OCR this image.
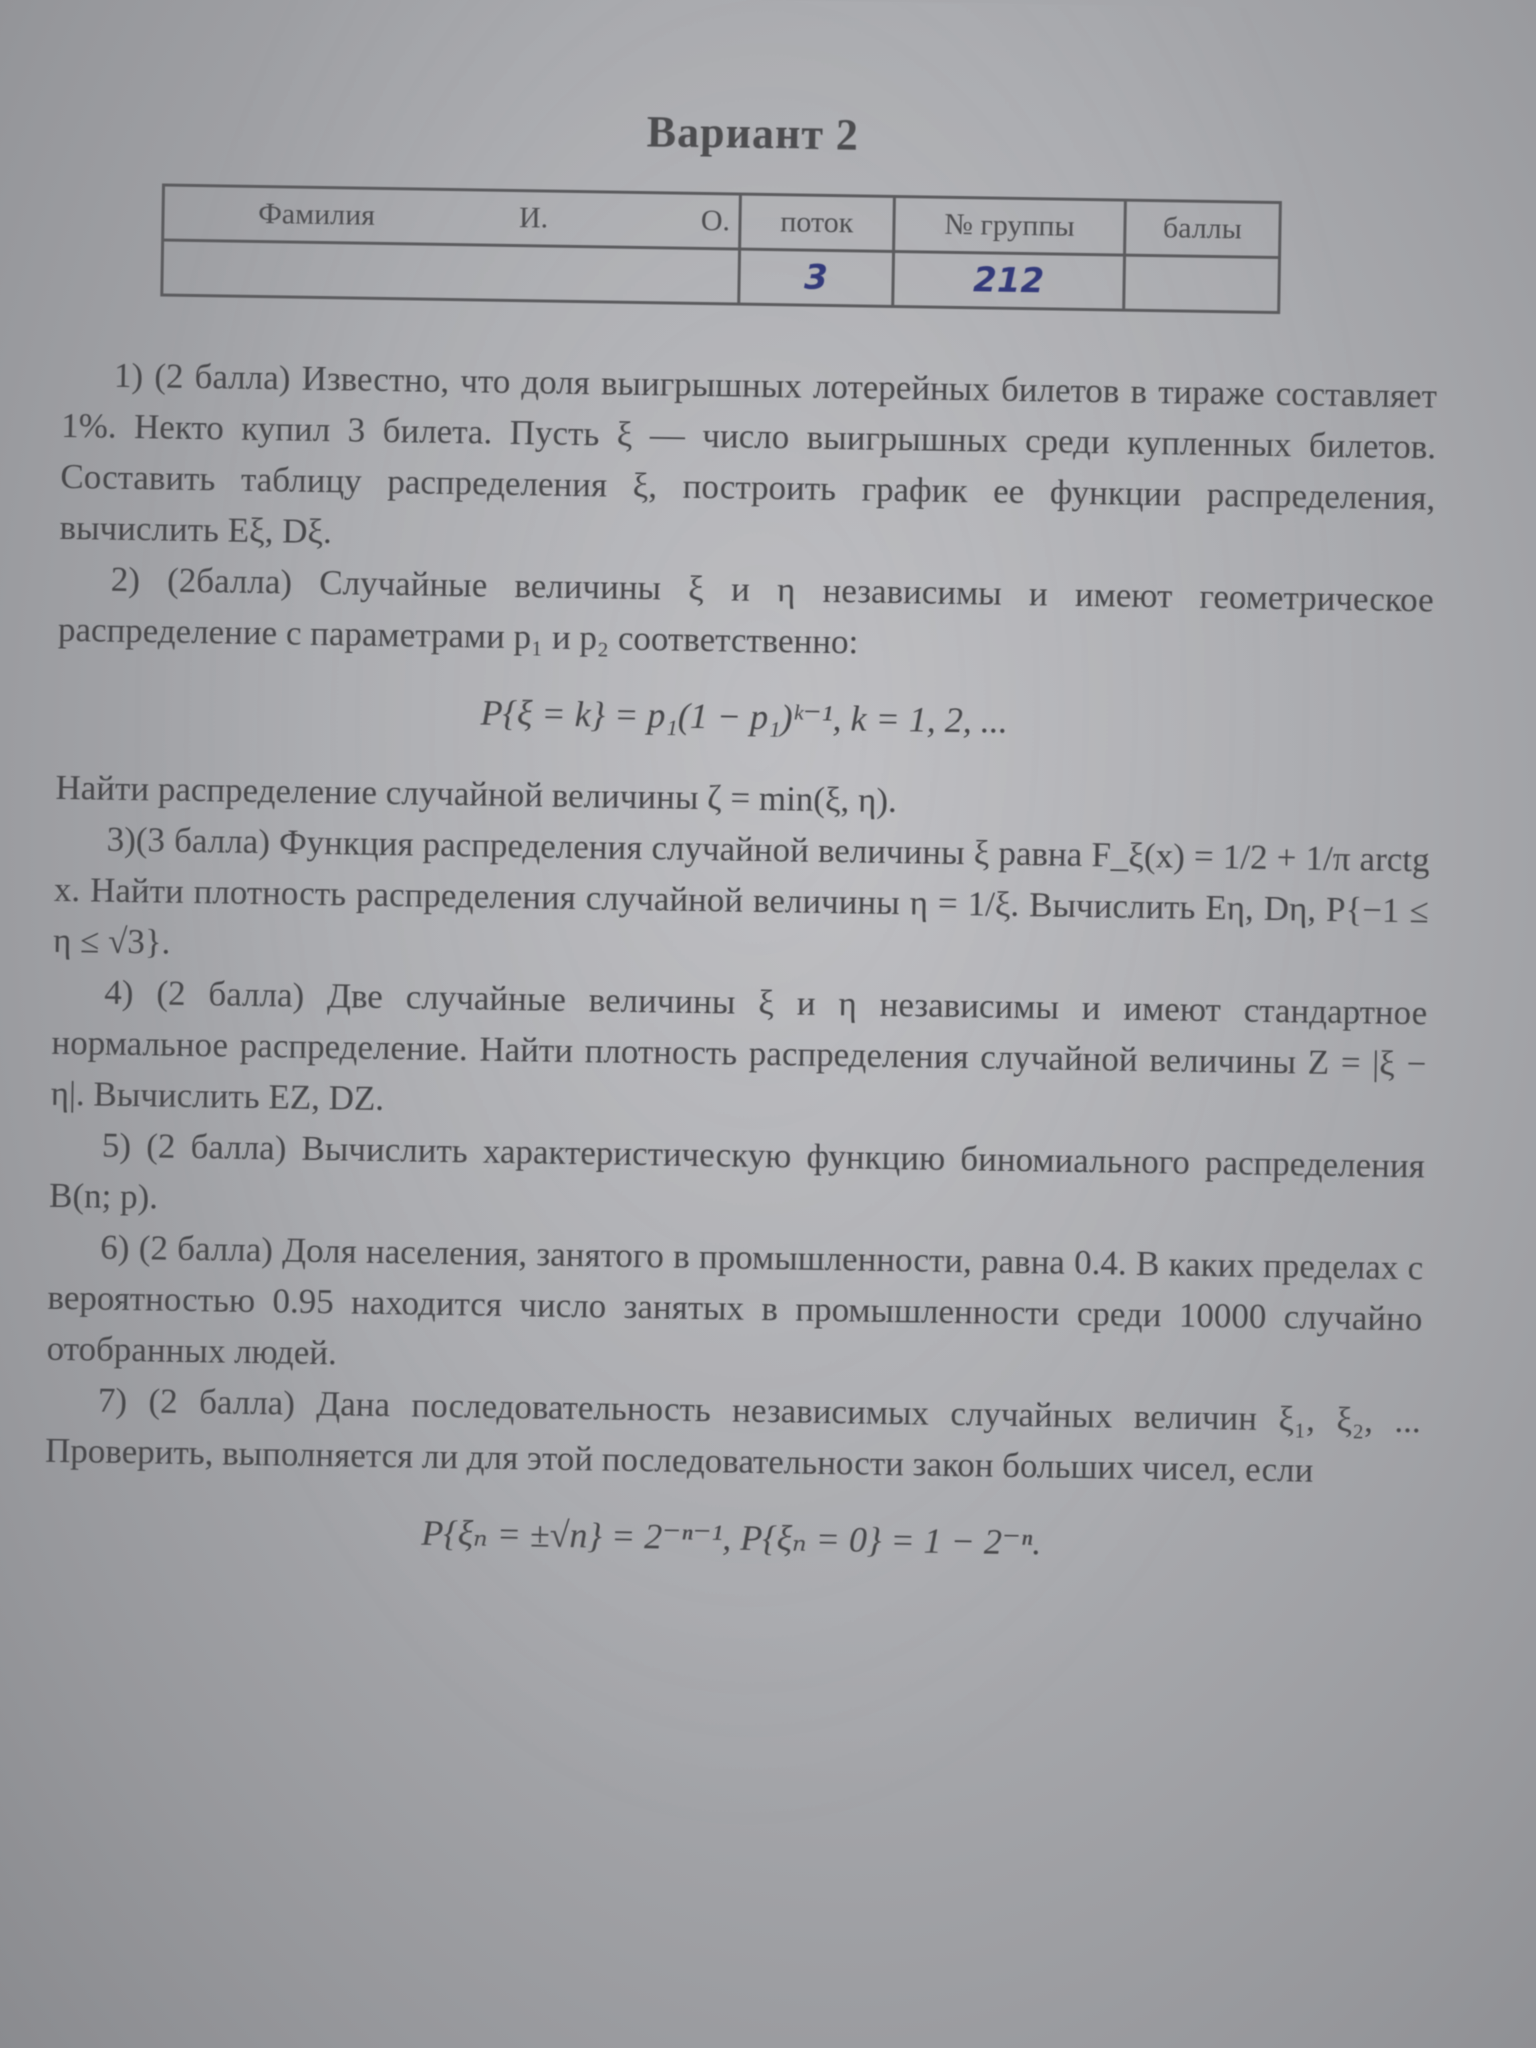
Вариант 2
Фамилия	И.	О.	поток	№ группы	баллы
			3	212	

1) (2 балла) Известно, что доля выигрышных лотерейных билетов в тираже составляет 1%. Некто купил 3 билета. Пусть ξ — число выигрышных среди купленных билетов. Составить таблицу распределения ξ, построить график ее функции распределения, вычислить Eξ, Dξ.

2) (2балла) Случайные величины ξ и η независимы и имеют геометрическое распределение с параметрами p₁ и p₂ соответственно:

P{ξ = k} = p₁(1 − p₁)ᵏ⁻¹, k = 1, 2, ...

Найти распределение случайной величины ζ = min(ξ, η).

3)(3 балла) Функция распределения случайной величины ξ равна F_ξ(x) = 1/2 + 1/π arctg x. Найти плотность распределения случайной величины η = 1/ξ. Вычислить Eη, Dη, P{−1 ≤ η ≤ √3}.

4) (2 балла) Две случайные величины ξ и η независимы и имеют стандартное нормальное распределение. Найти плотность распределения случайной величины Z = |ξ − η|. Вычислить EZ, DZ.

5) (2 балла) Вычислить характеристическую функцию биномиального распределения B(n; p).

6) (2 балла) Доля населения, занятого в промышленности, равна 0.4. В каких пределах с вероятностью 0.95 находится число занятых в промышленности среди 10000 случайно отобранных людей.

7) (2 балла) Дана последовательность независимых случайных величин ξ₁, ξ₂, ... Проверить, выполняется ли для этой последовательности закон больших чисел, если

P{ξₙ = ±√n} = 2⁻ⁿ⁻¹, P{ξₙ = 0} = 1 − 2⁻ⁿ.
